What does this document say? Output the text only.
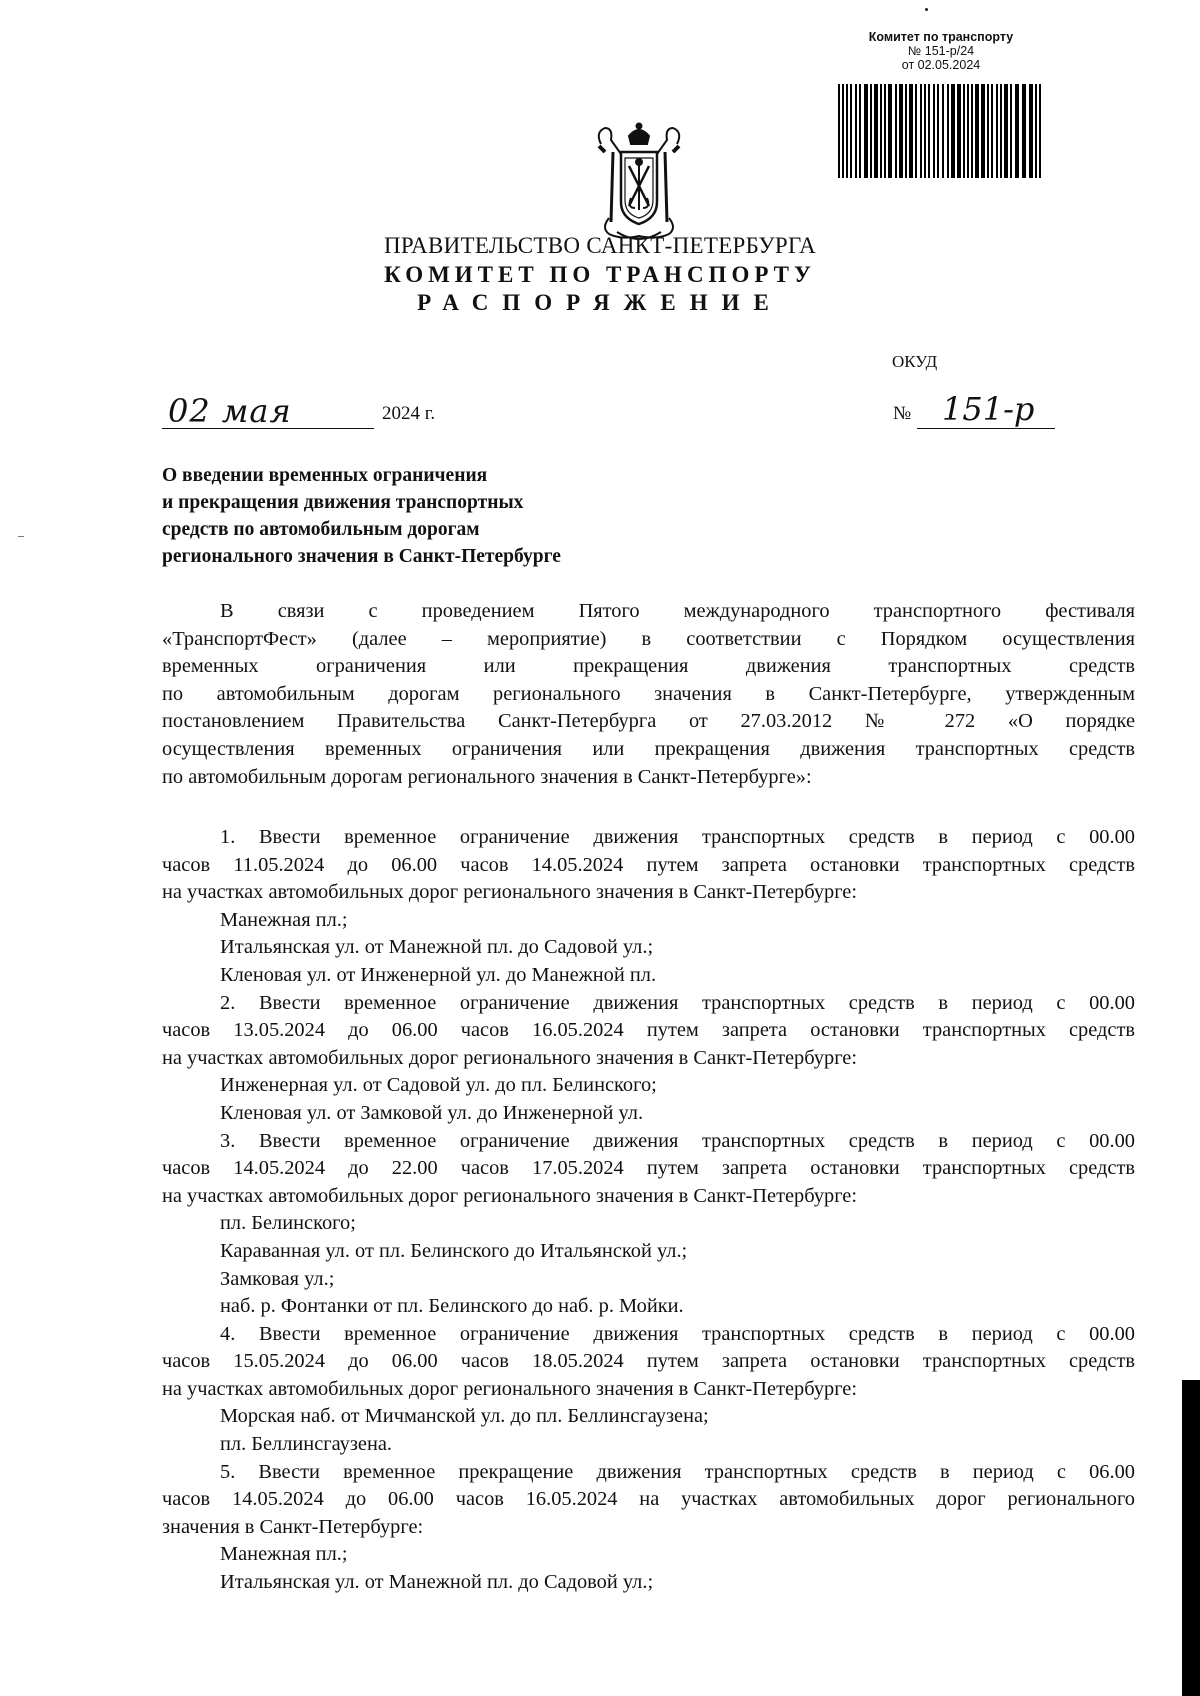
Комитет по транспорту
№ 151-р/24
от 02.05.2024
ПРАВИТЕЛЬСТВО САНКТ-ПЕТЕРБУРГА
КОМИТЕТ ПО ТРАНСПОРТУ
РАСПОРЯЖЕНИЕ
ОКУД
02 мая	2024 г.	№ 151-р
О введении временных ограничения
и прекращения движения транспортных
средств по автомобильным дорогам
регионального значения в Санкт-Петербурге
В связи с проведением Пятого международного транспортного фестиваля
«ТранспортФест» (далее – мероприятие) в соответствии с Порядком осуществления
временных ограничения или прекращения движения транспортных средств
по автомобильным дорогам регионального значения в Санкт-Петербурге, утвержденным
постановлением Правительства Санкт-Петербурга от 27.03.2012 № 272 «О порядке
осуществления временных ограничения или прекращения движения транспортных средств
по автомобильным дорогам регионального значения в Санкт-Петербурге»:
1. Ввести временное ограничение движения транспортных средств в период с 00.00
часов 11.05.2024 до 06.00 часов 14.05.2024 путем запрета остановки транспортных средств
на участках автомобильных дорог регионального значения в Санкт-Петербурге:
Манежная пл.;
Итальянская ул. от Манежной пл. до Садовой ул.;
Кленовая ул. от Инженерной ул. до Манежной пл.
2. Ввести временное ограничение движения транспортных средств в период с 00.00
часов 13.05.2024 до 06.00 часов 16.05.2024 путем запрета остановки транспортных средств
на участках автомобильных дорог регионального значения в Санкт-Петербурге:
Инженерная ул. от Садовой ул. до пл. Белинского;
Кленовая ул. от Замковой ул. до Инженерной ул.
3. Ввести временное ограничение движения транспортных средств в период с 00.00
часов 14.05.2024 до 22.00 часов 17.05.2024 путем запрета остановки транспортных средств
на участках автомобильных дорог регионального значения в Санкт-Петербурге:
пл. Белинского;
Караванная ул. от пл. Белинского до Итальянской ул.;
Замковая ул.;
наб. р. Фонтанки от пл. Белинского до наб. р. Мойки.
4. Ввести временное ограничение движения транспортных средств в период с 00.00
часов 15.05.2024 до 06.00 часов 18.05.2024 путем запрета остановки транспортных средств
на участках автомобильных дорог регионального значения в Санкт-Петербурге:
Морская наб. от Мичманской ул. до пл. Беллинсгаузена;
пл. Беллинсгаузена.
5. Ввести временное прекращение движения транспортных средств в период с 06.00
часов 14.05.2024 до 06.00 часов 16.05.2024 на участках автомобильных дорог регионального
значения в Санкт-Петербурге:
Манежная пл.;
Итальянская ул. от Манежной пл. до Садовой ул.;
